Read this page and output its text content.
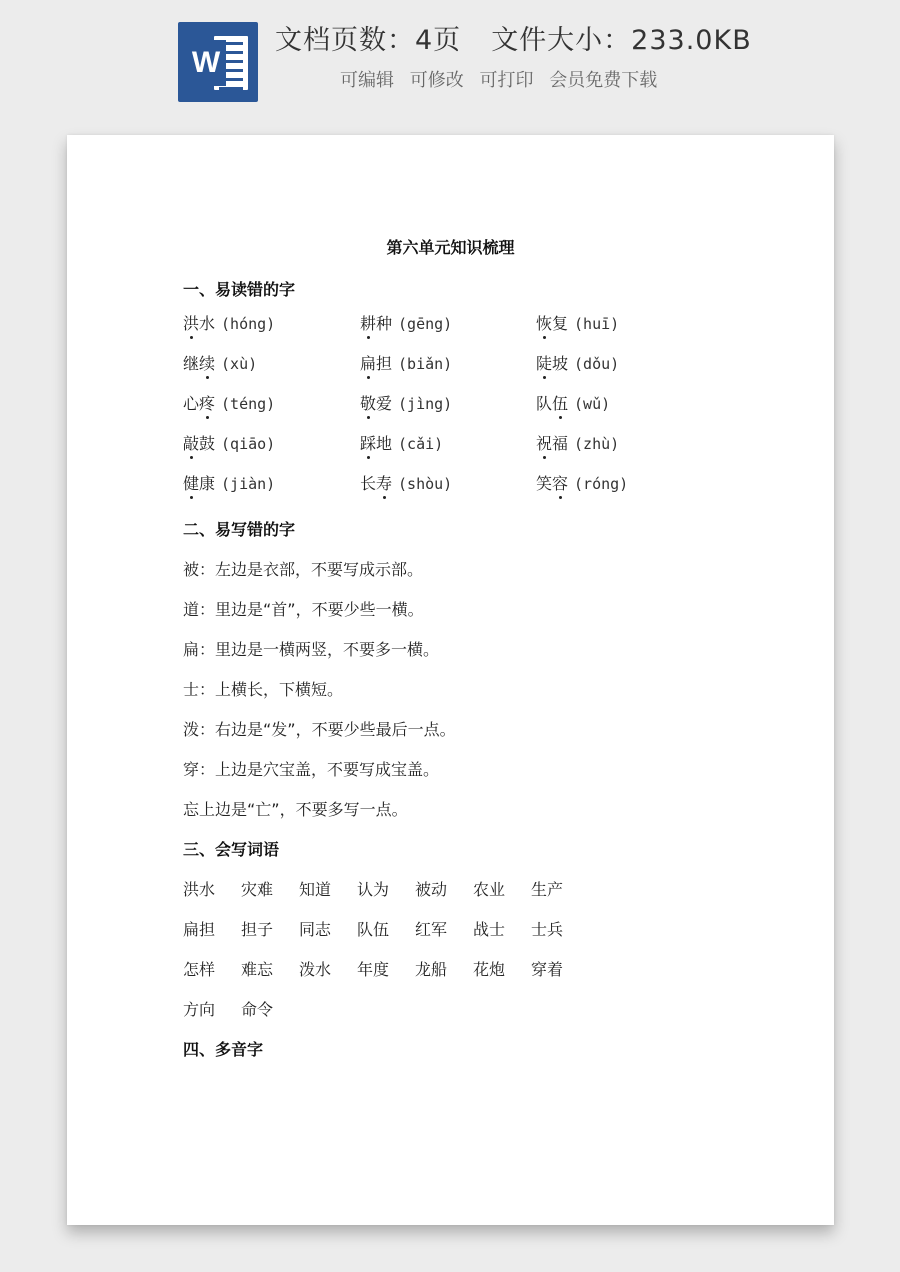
W
文档页数：4页 文件大小：233.0KB
可编辑 可修改 可打印 会员免费下载
第六单元知识梳理
一、易读错的字
洪水 (hóng)	耕种 (gēng)	恢复 (huī)
继续 (xù)	扁担 (biǎn)	陡坡 (dǒu)
心疼 (téng)	敬爱 (jìng)	队伍 (wǔ)
敲鼓 (qiāo)	踩地 (cǎi)	祝福 (zhù)
健康 (jiàn)	长寿 (shòu)	笑容 (róng)
二、易写错的字
被：左边是衣部，不要写成示部。
道：里边是“首”，不要少些一横。
扁：里边是一横两竖，不要多一横。
士：上横长，下横短。
泼：右边是“发”，不要少些最后一点。
穿：上边是穴宝盖，不要写成宝盖。
忘上边是“亡”，不要多写一点。
三、会写词语
洪水 灾难 知道 认为 被动 农业 生产
扁担 担子 同志 队伍 红军 战士 士兵
怎样 难忘 泼水 年度 龙船 花炮 穿着
方向 命令
四、多音字
